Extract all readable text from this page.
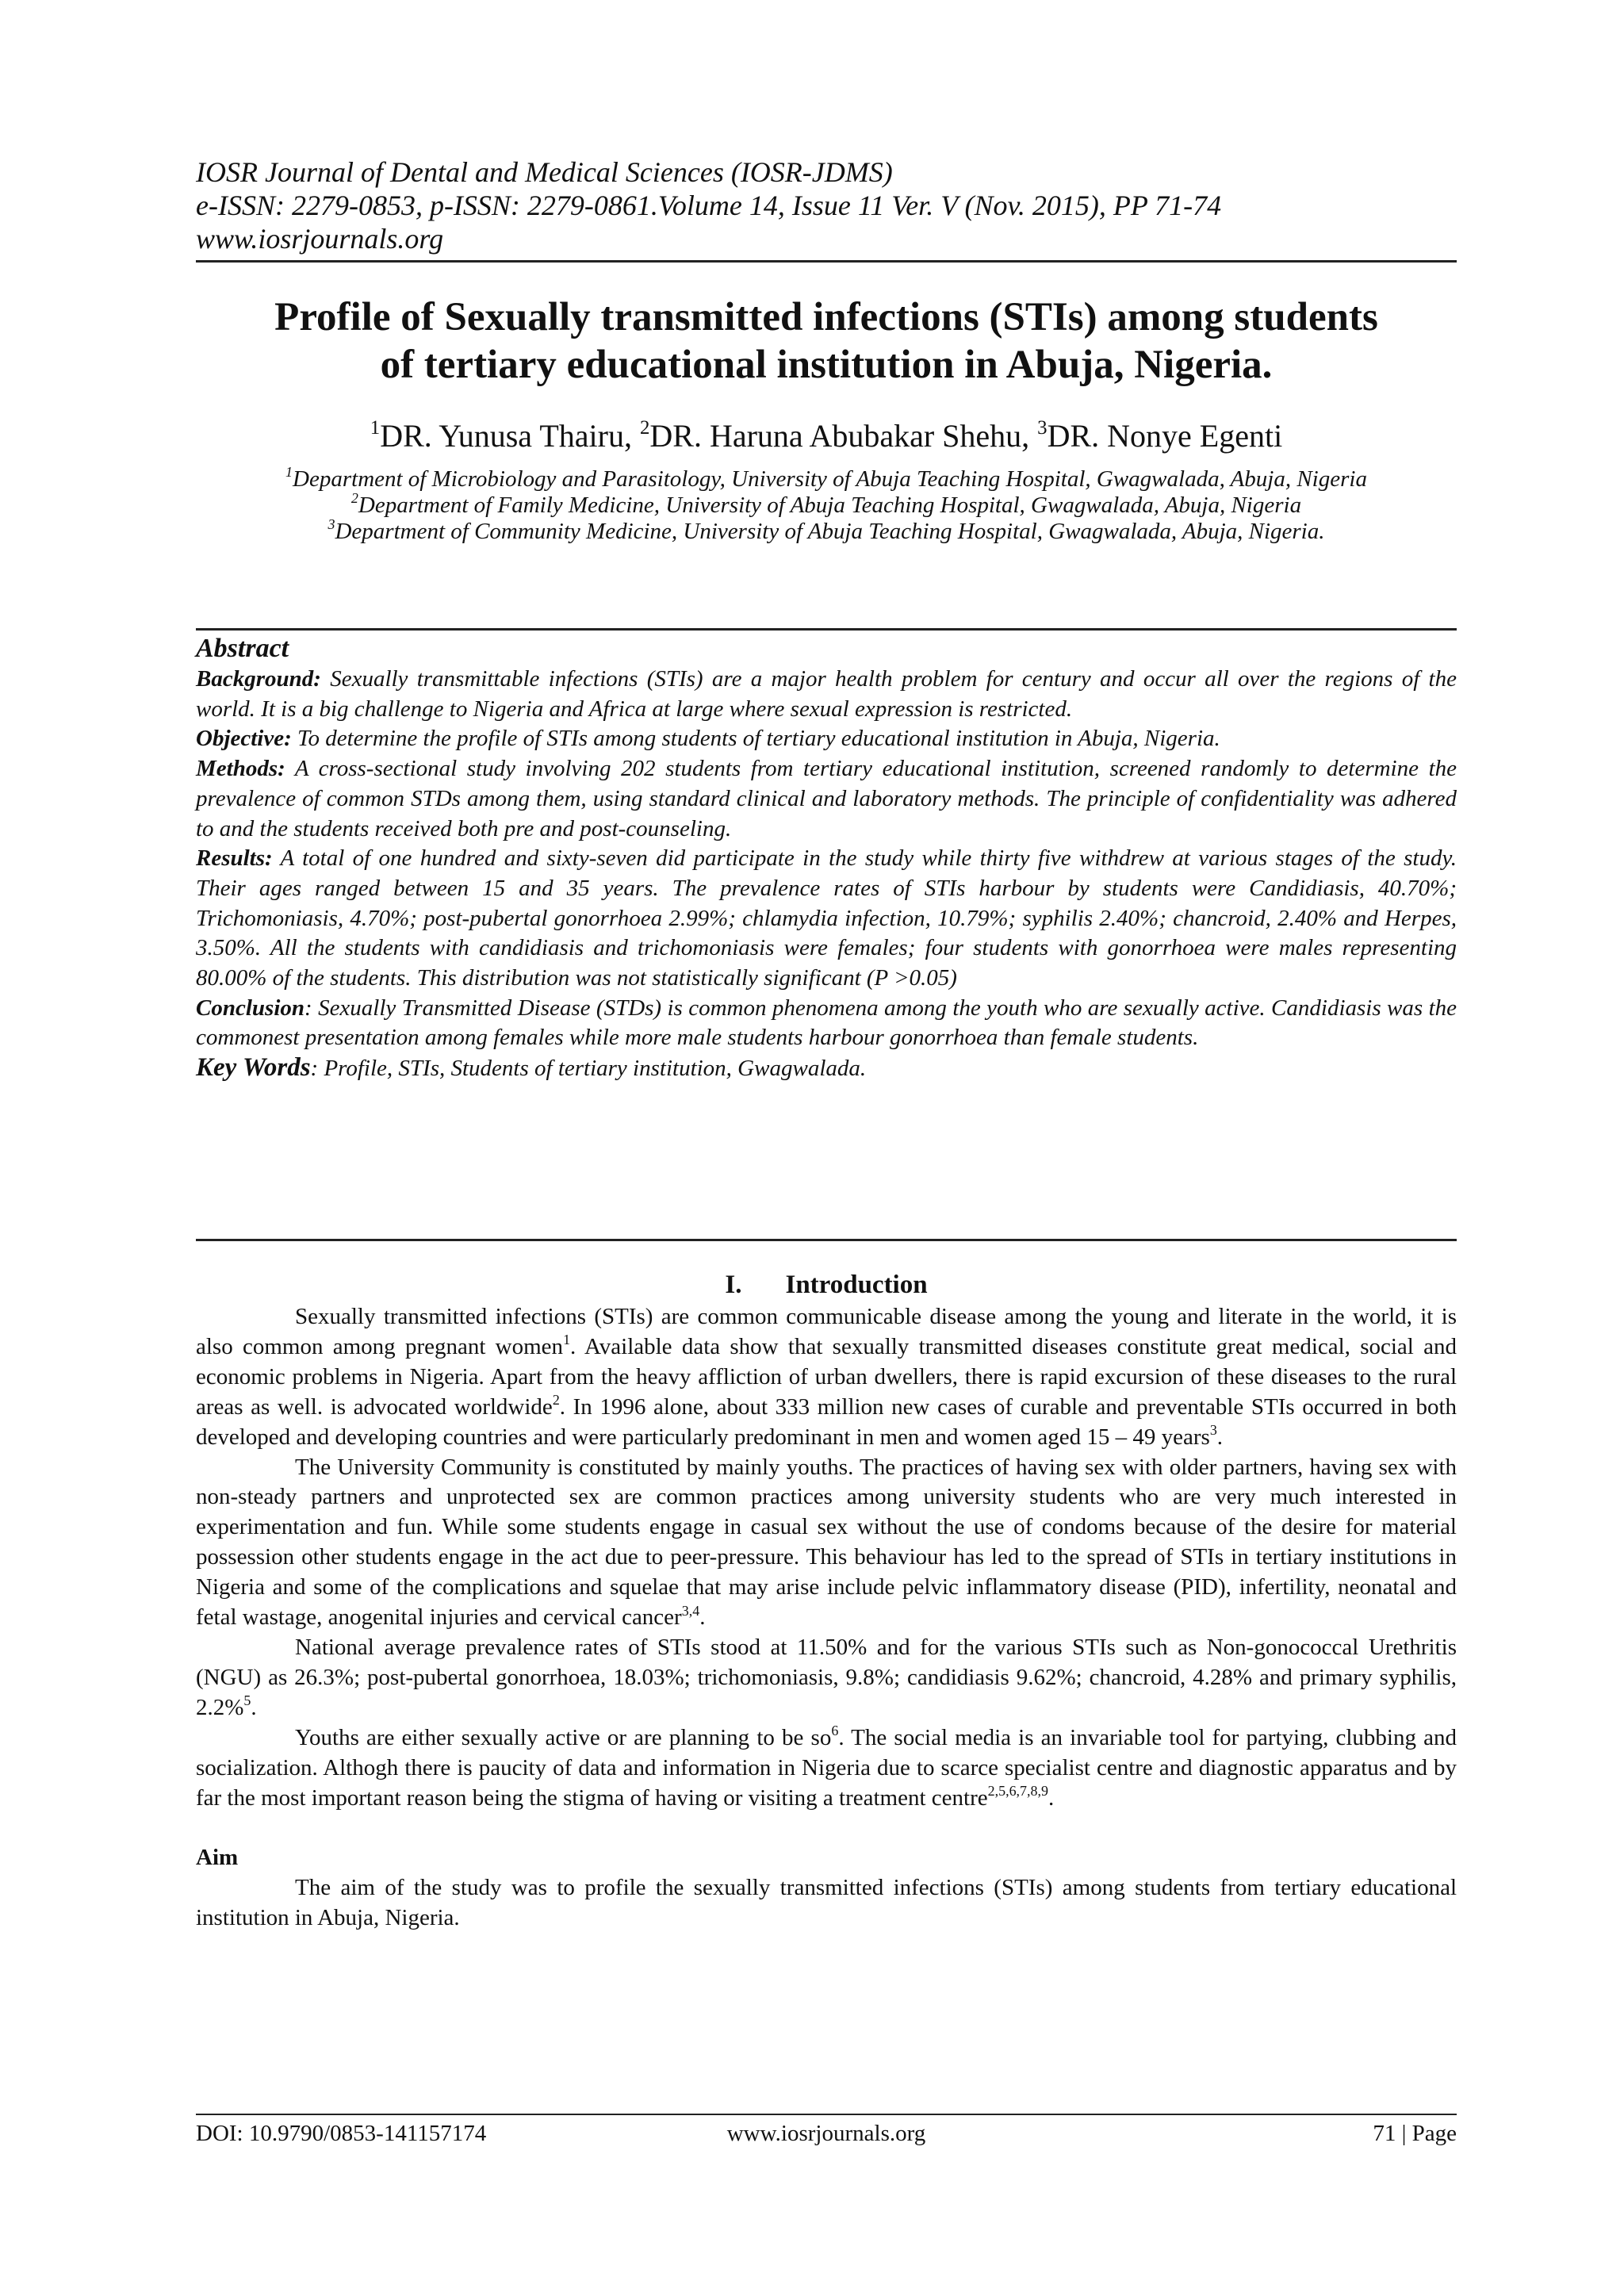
IOSR Journal of Dental and Medical Sciences (IOSR-JDMS)
e-ISSN: 2279-0853, p-ISSN: 2279-0861.Volume 14, Issue 11 Ver. V (Nov. 2015), PP 71-74
www.iosrjournals.org
Profile of Sexually transmitted infections (STIs) among students
of tertiary educational institution in Abuja, Nigeria.
$^1$DR. Yunusa Thairu, $^2$DR. Haruna Abubakar Shehu, $^3$DR. Nonye Egenti

$^1$Department of Microbiology and Parasitology, University of Abuja Teaching Hospital, Gwagwalada, Abuja, Nigeria

$^2$Department of Family Medicine, University of Abuja Teaching Hospital, Gwagwalada, Abuja, Nigeria

$^3$Department of Community Medicine, University of Abuja Teaching Hospital, Gwagwalada, Abuja, Nigeria.

Abstract

Background: Sexually transmittable infections (STIs) are a major health problem for century and occur all over the regions of the world. It is a big challenge to Nigeria and Africa at large where sexual expression is restricted.

Objective: To determine the profile of STIs among students of tertiary educational institution in Abuja, Nigeria.

Methods: A cross-sectional study involving 202 students from tertiary educational institution, screened randomly to determine the prevalence of common STDs among them, using standard clinical and laboratory methods. The principle of confidentiality was adhered to and the students received both pre and post-counseling.

Results: A total of one hundred and sixty-seven did participate in the study while thirty five withdrew at various stages of the study. Their ages ranged between 15 and 35 years. The prevalence rates of STIs harbour by students were Candidiasis, 40.70%; Trichomoniasis, 4.70%; post-pubertal gonorrhoea 2.99%; chlamydia infection, 10.79%; syphilis 2.40%; chancroid, 2.40% and Herpes, 3.50%. All the students with candidiasis and trichomoniasis were females; four students with gonorrhoea were males representing 80.00% of the students. This distribution was not statistically significant (P >0.05)

Conclusion: Sexually Transmitted Disease (STDs) is common phenomena among the youth who are sexually active. Candidiasis was the commonest presentation among females while more male students harbour gonorrhoea than female students.

Key Words: Profile, STIs, Students of tertiary institution, Gwagwalada.

I. Introduction

Sexually transmitted infections (STIs) are common communicable disease among the young and literate in the world, it is also common among pregnant women$^1$. Available data show that sexually transmitted diseases constitute great medical, social and economic problems in Nigeria. Apart from the heavy affliction of urban dwellers, there is rapid excursion of these diseases to the rural areas as well. is advocated worldwide$^2$. In 1996 alone, about 333 million new cases of curable and preventable STIs occurred in both developed and developing countries and were particularly predominant in men and women aged 15 – 49 years$^3$.

The University Community is constituted by mainly youths. The practices of having sex with older partners, having sex with non-steady partners and unprotected sex are common practices among university students who are very much interested in experimentation and fun. While some students engage in casual sex without the use of condoms because of the desire for material possession other students engage in the act due to peer-pressure. This behaviour has led to the spread of STIs in tertiary institutions in Nigeria and some of the complications and squelae that may arise include pelvic inflammatory disease (PID), infertility, neonatal and fetal wastage, anogenital injuries and cervical cancer$^{3,4}$.

National average prevalence rates of STIs stood at 11.50% and for the various STIs such as Non-gonococcal Urethritis (NGU) as 26.3%; post-pubertal gonorrhoea, 18.03%; trichomoniasis, 9.8%; candidiasis 9.62%; chancroid, 4.28% and primary syphilis, 2.2%$^5$.

Youths are either sexually active or are planning to be $so^6$. The social media is an invariable tool for partying, clubbing and socialization. Althogh there is paucity of data and information in Nigeria due to scarce specialist centre and diagnostic apparatus and by far the most important reason being the stigma of having or visiting a treatment centre$^{2,5,6,7,8,9}$.

Aim

The aim of the study was to profile the sexually transmitted infections (STIs) among students from tertiary educational institution in Abuja, Nigeria.

DOI: 10.9790/0853-141157174	www.iosrjournals.org	71 | Page
